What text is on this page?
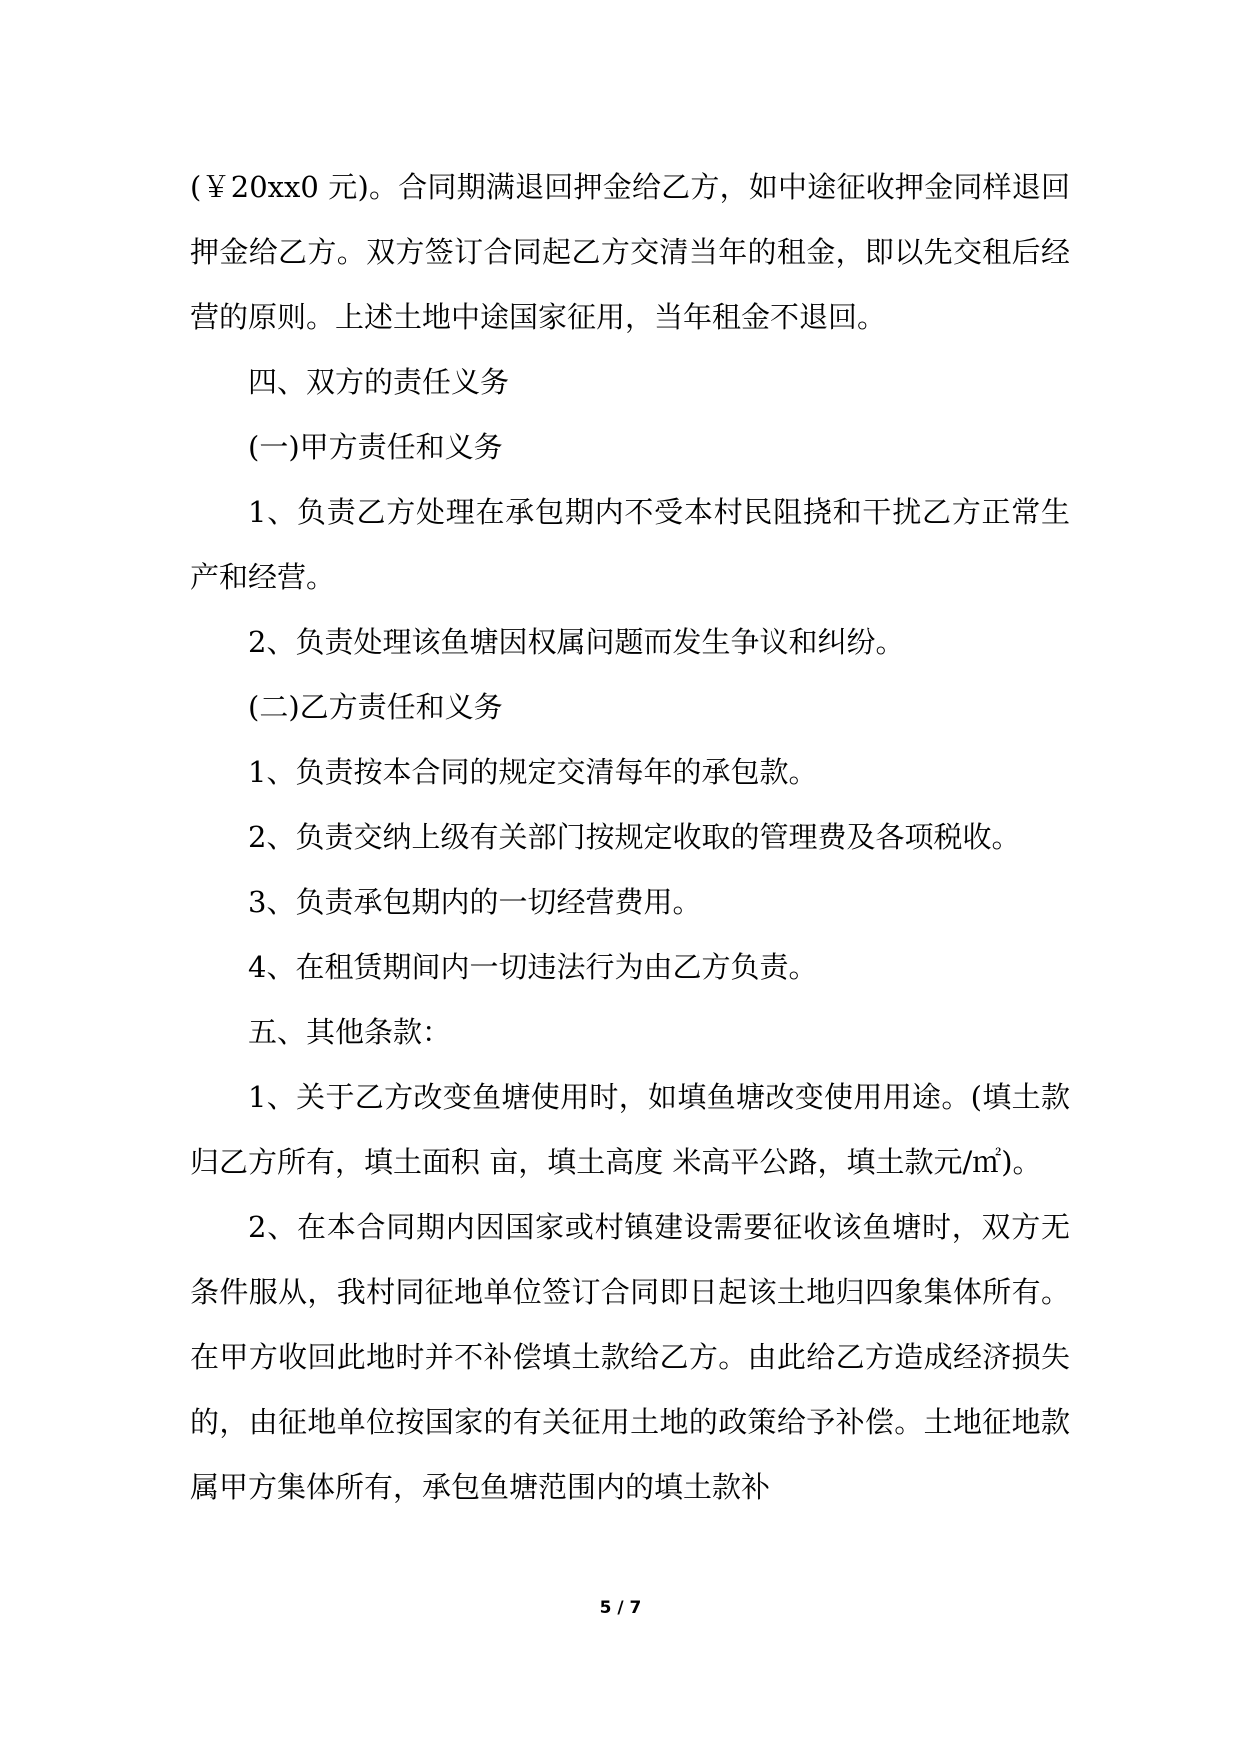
(￥20xx0 元)。合同期满退回押金给乙方，如中途征收押金同样退回押金给乙方。双方签订合同起乙方交清当年的租金，即以先交租后经营的原则。上述土地中途国家征用，当年租金不退回。

四、双方的责任义务

(一)甲方责任和义务

1、负责乙方处理在承包期内不受本村民阻挠和干扰乙方正常生产和经营。

2、负责处理该鱼塘因权属问题而发生争议和纠纷。

(二)乙方责任和义务

1、负责按本合同的规定交清每年的承包款。

2、负责交纳上级有关部门按规定收取的管理费及各项税收。

3、负责承包期内的一切经营费用。

4、在租赁期间内一切违法行为由乙方负责。

五、其他条款：

1、关于乙方改变鱼塘使用时，如填鱼塘改变使用用途。(填土款归乙方所有，填土面积 亩，填土高度 米高平公路，填土款元/㎡)。

2、在本合同期内因国家或村镇建设需要征收该鱼塘时，双方无条件服从，我村同征地单位签订合同即日起该土地归四象集体所有。在甲方收回此地时并不补偿填土款给乙方。由此给乙方造成经济损失的，由征地单位按国家的有关征用土地的政策给予补偿。土地征地款属甲方集体所有，承包鱼塘范围内的填土款补

5 / 7
